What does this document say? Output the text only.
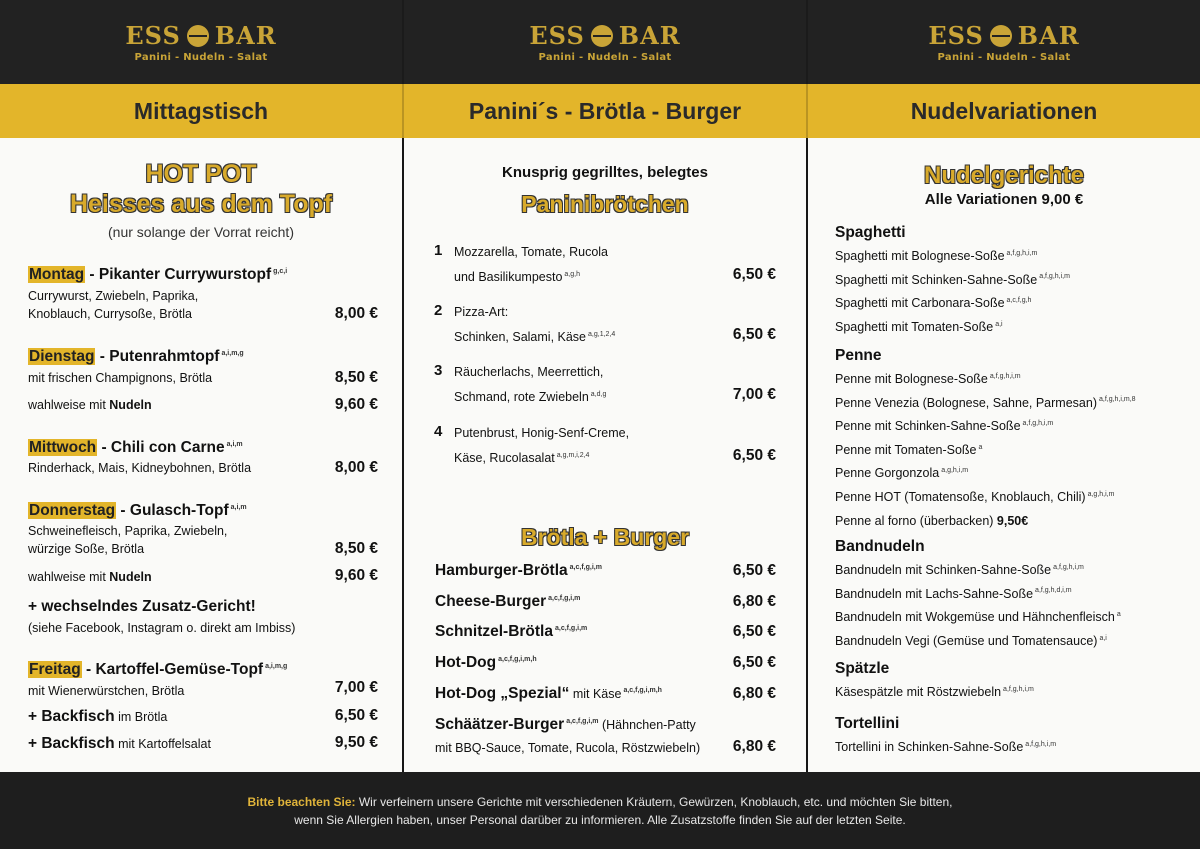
ESS BAR
Panini - Nudeln - Salat
ESS BAR
Panini - Nudeln - Salat
ESS BAR
Panini - Nudeln - Salat
Mittagstisch	Panini´s - Brötla - Burger	Nudelvariationen
HOT POT
Heisses aus dem Topf
(nur solange der Vorrat reicht)
Montag - Pikanter Currywurstopf $^{g,c,i}$
Currywurst, Zwiebeln, Paprika,
Knoblauch, Currysoße, Brötla	8,00 €
Dienstag - Putenrahmtopf $^{a,i,m,g}$
mit frischen Champignons, Brötla	8,50 €
wahlweise mit Nudeln	9,60 €
Mittwoch - Chili con Carne $^{a,i,m}$
Rinderhack, Mais, Kidneybohnen, Brötla	8,00 €
Donnerstag - Gulasch-Topf $^{a,i,m}$
Schweinefleisch, Paprika, Zwiebeln,
würzige Soße, Brötla	8,50 €
wahlweise mit Nudeln	9,60 €
+ wechselndes Zusatz-Gericht!
(siehe Facebook, Instagram o. direkt am Imbiss)
Freitag - Kartoffel-Gemüse-Topf $^{a,i,m,g}$
mit Wienerwürstchen, Brötla	7,00 €
+ Backfisch im Brötla	6,50 €
+ Backfisch mit Kartoffelsalat	9,50 €
Knusprig gegrilltes, belegtes
Paninibrötchen
1 Mozzarella, Tomate, Rucola
und Basilikumpesto $^{a,g,h}$	6,50 €
2 Pizza-Art:
Schinken, Salami, Käse $^{a,g,1,2,4}$	6,50 €
3 Räucherlachs, Meerrettich,
Schmand, rote Zwiebeln $^{a,d,g}$	7,00 €
4 Putenbrust, Honig-Senf-Creme,
Käse, Rucolasalat $^{a,g,m,i,2,4}$	6,50 €
Brötla + Burger
Hamburger-Brötla $^{a,c,f,g,i,m}$	6,50 €
Cheese-Burger $^{a,c,f,g,i,m}$	6,80 €
Schnitzel-Brötla $^{a,c,f,g,i,m}$	6,50 €
Hot-Dog $^{a,c,f,g,i,m,h}$	6,50 €
Hot-Dog „Spezial“ mit Käse $^{a,c,f,g,i,m,h}$	6,80 €
Schäätzer-Burger $^{a,c,f,g,i,m}$ (Hähnchen-Patty
mit BBQ-Sauce, Tomate, Rucola, Röstzwiebeln)	6,80 €
Nudelgerichte
Alle Variationen 9,00 €
Spaghetti
Spaghetti mit Bolognese-Soße $^{a,f,g,h,i,m}$
Spaghetti mit Schinken-Sahne-Soße $^{a,f,g,h,i,m}$
Spaghetti mit Carbonara-Soße $^{a,c,f,g,h}$
Spaghetti mit Tomaten-Soße $^{a,i}$
Penne
Penne mit Bolognese-Soße $^{a,f,g,h,i,m}$
Penne Venezia (Bolognese, Sahne, Parmesan) $^{a,f,g,h,i,m,8}$
Penne mit Schinken-Sahne-Soße $^{a,f,g,h,i,m}$
Penne mit Tomaten-Soße $^a$
Penne Gorgonzola $^{a,g,h,i,m}$
Penne HOT (Tomatensoße, Knoblauch, Chili) $^{a,g,h,i,m}$
Penne al forno (überbacken) 9,50€
Bandnudeln
Bandnudeln mit Schinken-Sahne-Soße $^{a,f,g,h,i,m}$
Bandnudeln mit Lachs-Sahne-Soße $^{a,f,g,h,d,i,m}$
Bandnudeln mit Wokgemüse und Hähnchenfleisch $^a$
Bandnudeln Vegi (Gemüse und Tomatensauce) $^{a,i}$
Spätzle
Käsespätzle mit Röstzwiebeln $^{a,f,g,h,i,m}$
Tortellini
Tortellini in Schinken-Sahne-Soße $^{a,f,g,h,i,m}$
Bitte beachten Sie: Wir verfeinern unsere Gerichte mit verschiedenen Kräutern, Gewürzen, Knoblauch, etc. und möchten Sie bitten,
wenn Sie Allergien haben, unser Personal darüber zu informieren. Alle Zusatzstoffe finden Sie auf der letzten Seite.
